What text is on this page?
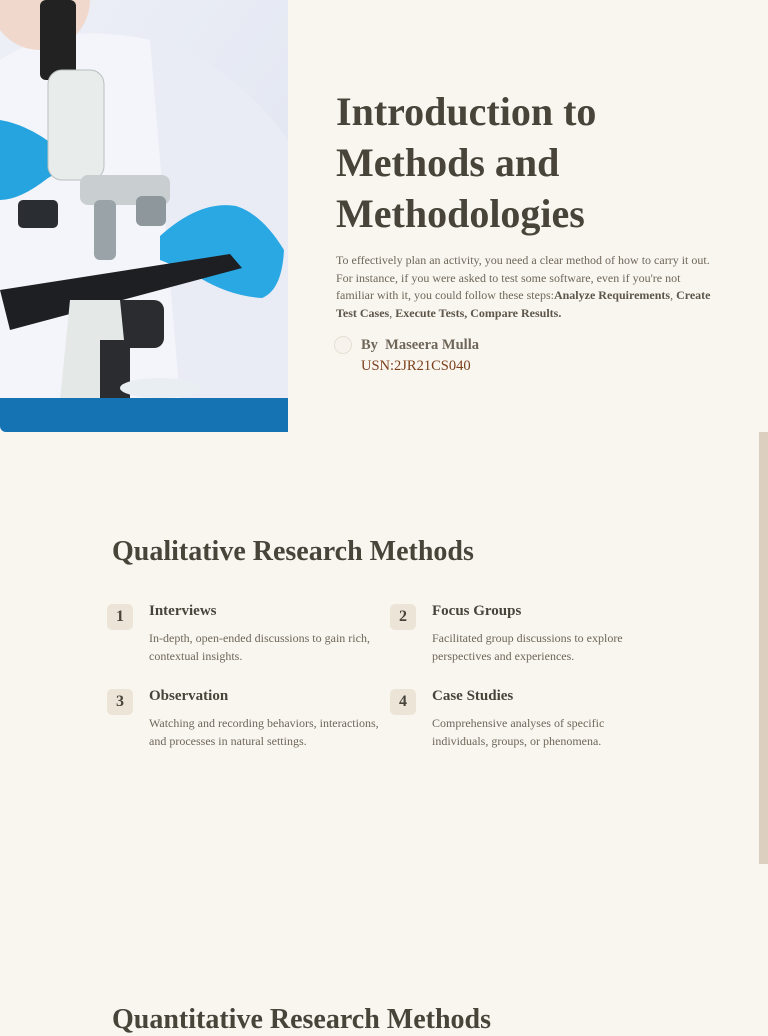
Introduction to Methods and Methodologies

To effectively plan an activity, you need a clear method of how to carry it out. For instance, if you were asked to test some software, even if you're not familiar with it, you could follow these steps:Analyze Requirements, Create Test Cases, Execute Tests, Compare Results.

By Maseera Mulla
USN:2JR21CS040
Qualitative Research Methods
1	Interviews

In-depth, open-ended discussions to gain rich, contextual insights.

2	Focus Groups

Facilitated group discussions to explore perspectives and experiences.

3	Observation

Watching and recording behaviors, interactions, and processes in natural settings.

4	Case Studies

Comprehensive analyses of specific individuals, groups, or phenomena.

Quantitative Research Methods
